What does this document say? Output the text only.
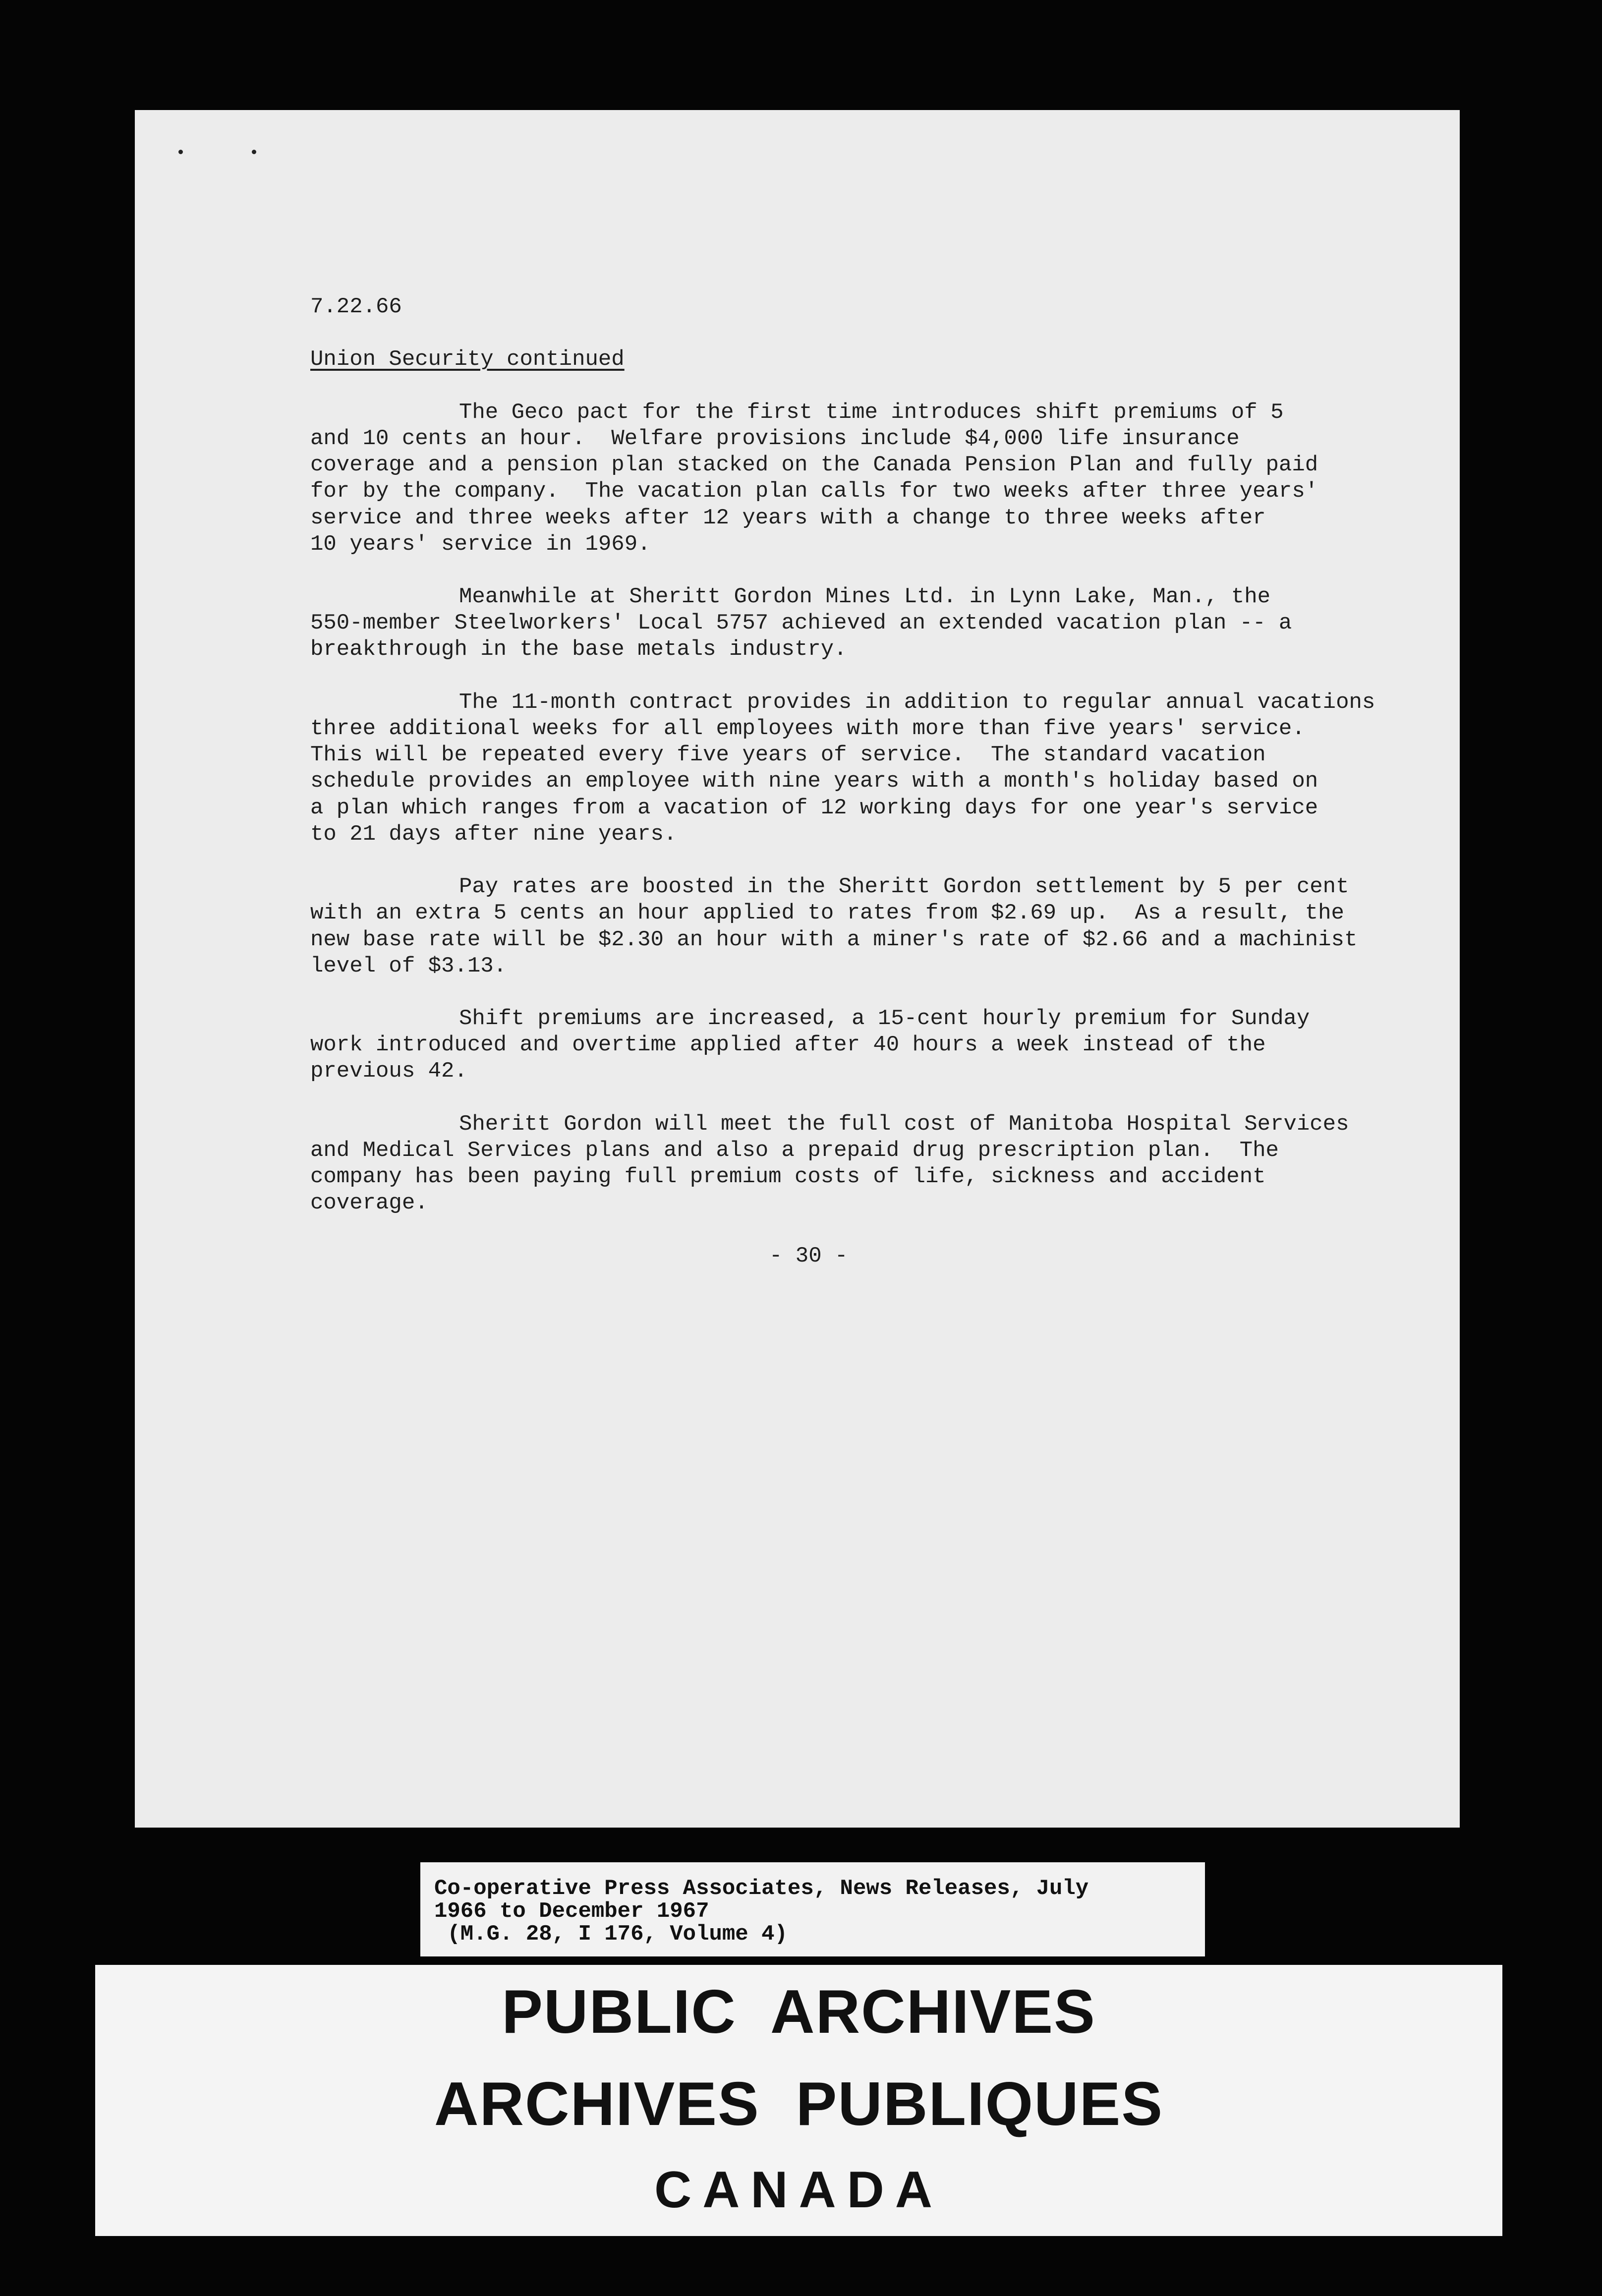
7.22.66
Union Security continued
The Geco pact for the first time introduces shift premiums of 5
and 10 cents an hour.  Welfare provisions include $4,000 life insurance
coverage and a pension plan stacked on the Canada Pension Plan and fully paid
for by the company.  The vacation plan calls for two weeks after three years'
service and three weeks after 12 years with a change to three weeks after
10 years' service in 1969.
Meanwhile at Sheritt Gordon Mines Ltd. in Lynn Lake, Man., the
550-member Steelworkers' Local 5757 achieved an extended vacation plan -- a
breakthrough in the base metals industry.
The 11-month contract provides in addition to regular annual vacations
three additional weeks for all employees with more than five years' service.
This will be repeated every five years of service.  The standard vacation
schedule provides an employee with nine years with a month's holiday based on
a plan which ranges from a vacation of 12 working days for one year's service
to 21 days after nine years.
Pay rates are boosted in the Sheritt Gordon settlement by 5 per cent
with an extra 5 cents an hour applied to rates from $2.69 up.  As a result, the
new base rate will be $2.30 an hour with a miner's rate of $2.66 and a machinist
level of $3.13.
Shift premiums are increased, a 15-cent hourly premium for Sunday
work introduced and overtime applied after 40 hours a week instead of the
previous 42.
Sheritt Gordon will meet the full cost of Manitoba Hospital Services
and Medical Services plans and also a prepaid drug prescription plan.  The
company has been paying full premium costs of life, sickness and accident
coverage.
- 30 -
Co-operative Press Associates, News Releases, July
1966 to December 1967
(M.G. 28, I 176, Volume 4)
PUBLIC  ARCHIVES
ARCHIVES  PUBLIQUES
CANADA
